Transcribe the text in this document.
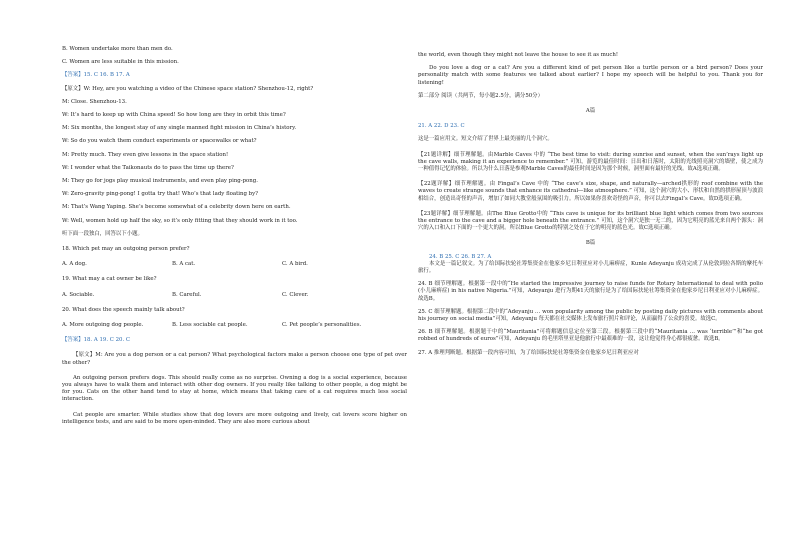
B. Women undertake more than men do.

C. Women are less suitable in this mission.

【答案】15. C 16. B 17. A

【原文】W: Hey, are you watching a video of the Chinese space station? Shenzhou-12, right?

M: Close. Shenzhou-13.

W: It’s hard to keep up with China speed! So how long are they in orbit this time?

M: Six months, the longest stay of any single manned fight mission in China’s history.

W: So do you watch them conduct experiments or spacewalks or what?

M: Pretty much. They even give lessons in the space station!

W: I wonder what the Taikonauts do to pass the time up there?

M: They go for jogs play musical instruments, and even play ping-pong.

W: Zero-gravity ping-pong! I gotta try that! Who’s that lady floating by?

M: That’s Wang Yaping. She’s become somewhat of a celebrity down here on earth.

W: Well, women hold up half the sky, so it’s only fitting that they should work in it too.

听下面一段独白，回答以下小题。

18. Which pet may an outgoing person prefer?

A. A dog.	B. A cat.	C. A bird.

19. What may a cat owner be like?

A. Sociable.	B. Careful.	C. Clever.

20. What does the speech mainly talk about?

A. More outgoing dog people.	B. Less sociable cat people.	C. Pet people’s personalities.

【答案】18. A 19. C 20. C

【原文】M: Are you a dog person or a cat person? What psychological factors make a person choose one type of pet over the other?

An outgoing person prefers dogs. This should really come as no surprise. Owning a dog is a social experience, because you always have to walk them and interact with other dog owners. If you really like talking to other people, a dog might be for you. Cats on the other hand tend to stay at home, which means that taking care of a cat requires much less social interaction.

Cat people are smarter. While studies show that dog lovers are more outgoing and lively, cat lovers score higher on intelligence tests, and are said to be more open-minded. They are also more curious about

the world, even though they might not leave the house to see it as much!

Do you love a dog or a cat? Are you a different kind of pet person like a turtle person or a bird person? Does your personality match with some features we talked about earlier? I hope my speech will be helpful to you. Thank you for listening!

第二部分 阅读（共两节，每小题2.5分，满分50分）

A篇

21. A 22. D 23. C

这是一篇应用文。短文介绍了世界上最美丽的几个洞穴。

【21题详解】细节理解题。由Marble Caves 中的 “The best time to visit: during sunrise and sunset, when the sun’rays light up the cave walls, making it an experience to remember.” 可知，游览的最佳时间：日出和日落时，太阳的光线照亮洞穴的墙壁，使之成为一种值得记忆的体验。所以为什么日落是参观Marble Caves的最佳时间是因为那个时候，洞里面有最好的光线。故A选项正确。

【22题详解】细节理解题。由 Fingal’s Cave 中的 “The cave’s size, shape, and naturally—arched拱形的 roof combine with the waves to create strange sounds that enhance its cathedral—like atmosphere.” 可知，这个洞穴的大小、形状和自然的拱形屋顶与波浪相结合，创造出奇怪的声音，增加了如同大教堂般氛围的吸引力。所以如果你喜欢奇怪的声音，你可以去Fingal’s Cave。故D选项正确。

【23题详解】细节理解题。由The Blue Grotto中的 “This cave is unique for its brilliant blue light which comes from two sources the entrance to the cave and a bigger hole beneath the entrance.” 可知，这个洞穴是独一无二的，因为它明亮的蓝光来自两个源头：洞穴的入口和入口下面的一个更大的洞。所以Blue Grotto的特别之处在于它的明亮的蓝色光。故C选项正确。

B篇

24. B 25. C 26. B 27. A

本文是一篇记叙文。为了给国际扶轮社筹集资金在他家乡尼日利亚应对小儿麻痹症，Kunle Adeyanju 成功完成了从伦敦到拉各斯的摩托车旅行。

24. B 细节理解题。根据第一段中的“He started the impressive journey to raise funds for Rotary International to deal with polio (小儿麻痹症) in his native Nigeria.”可知，Adeyanju 进行为期41天的旅行是为了给国际扶轮社筹集资金在他家乡尼日利亚应对小儿麻痹症。故选B。

25. C 细节理解题。根据第二段中的“Adeyanju … won popularity among the public by posting daily pictures with comments about his journey on social media”可知，Adeyanju 每天都在社交媒体上发布旅行照片和评论，从而赢得了公众的喜爱。故选C。

26. B 细节理解题。根据题干中的“Mauritania”可将解题信息定位至第三段。根据第三段中的“Mauritania … was ‘terrible’”和“he got robbed of hundreds of euros”可知，Adeyanju 的毛里塔里亚是他旅行中最艰难的一段，这让他觉得身心都很疲惫。故选B。

27. A 推理判断题。根据第一段内容可知，为了给国际扶轮社筹集资金在他家乡尼日利亚应对
